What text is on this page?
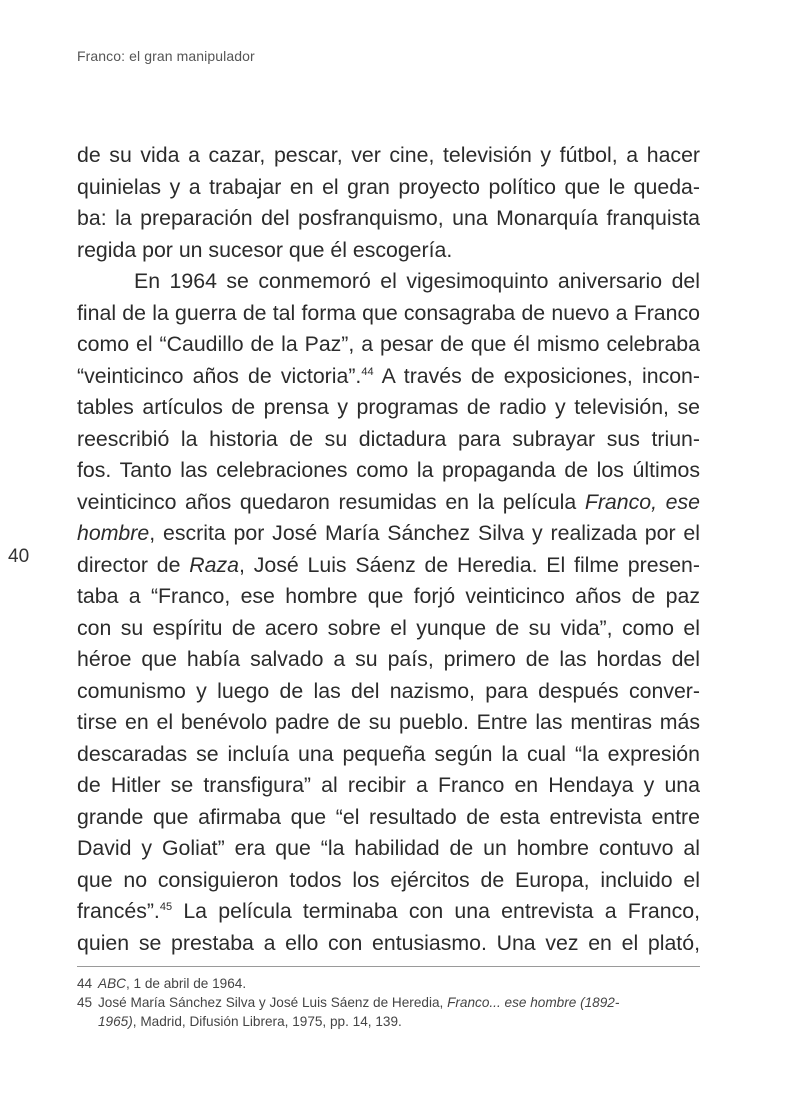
Franco: el gran manipulador
40
de su vida a cazar, pescar, ver cine, televisión y fútbol, a hacer
quinielas y a trabajar en el gran proyecto político que le queda-
ba: la preparación del posfranquismo, una Monarquía franquista
regida por un sucesor que él escogería.
En 1964 se conmemoró el vigesimoquinto aniversario del
final de la guerra de tal forma que consagraba de nuevo a Franco
como el “Caudillo de la Paz”, a pesar de que él mismo celebraba
“veinticinco años de victoria”.$^{44}$ A través de exposiciones, incon-
tables artículos de prensa y programas de radio y televisión, se
reescribió la historia de su dictadura para subrayar sus triun-
fos. Tanto las celebraciones como la propaganda de los últimos
veinticinco años quedaron resumidas en la película Franco, ese
hombre, escrita por José María Sánchez Silva y realizada por el
director de Raza, José Luis Sáenz de Heredia. El filme presen-
taba a “Franco, ese hombre que forjó veinticinco años de paz
con su espíritu de acero sobre el yunque de su vida”, como el
héroe que había salvado a su país, primero de las hordas del
comunismo y luego de las del nazismo, para después conver-
tirse en el benévolo padre de su pueblo. Entre las mentiras más
descaradas se incluía una pequeña según la cual “la expresión
de Hitler se transfigura” al recibir a Franco en Hendaya y una
grande que afirmaba que “el resultado de esta entrevista entre
David y Goliat” era que “la habilidad de un hombre contuvo al
que no consiguieron todos los ejércitos de Europa, incluido el
francés”.$^{45}$ La película terminaba con una entrevista a Franco,
quien se prestaba a ello con entusiasmo. Una vez en el plató,
44 ABC, 1 de abril de 1964.
45 José María Sánchez Silva y José Luis Sáenz de Heredia, Franco... ese hombre (1892-
1965), Madrid, Difusión Librera, 1975, pp. 14, 139.
